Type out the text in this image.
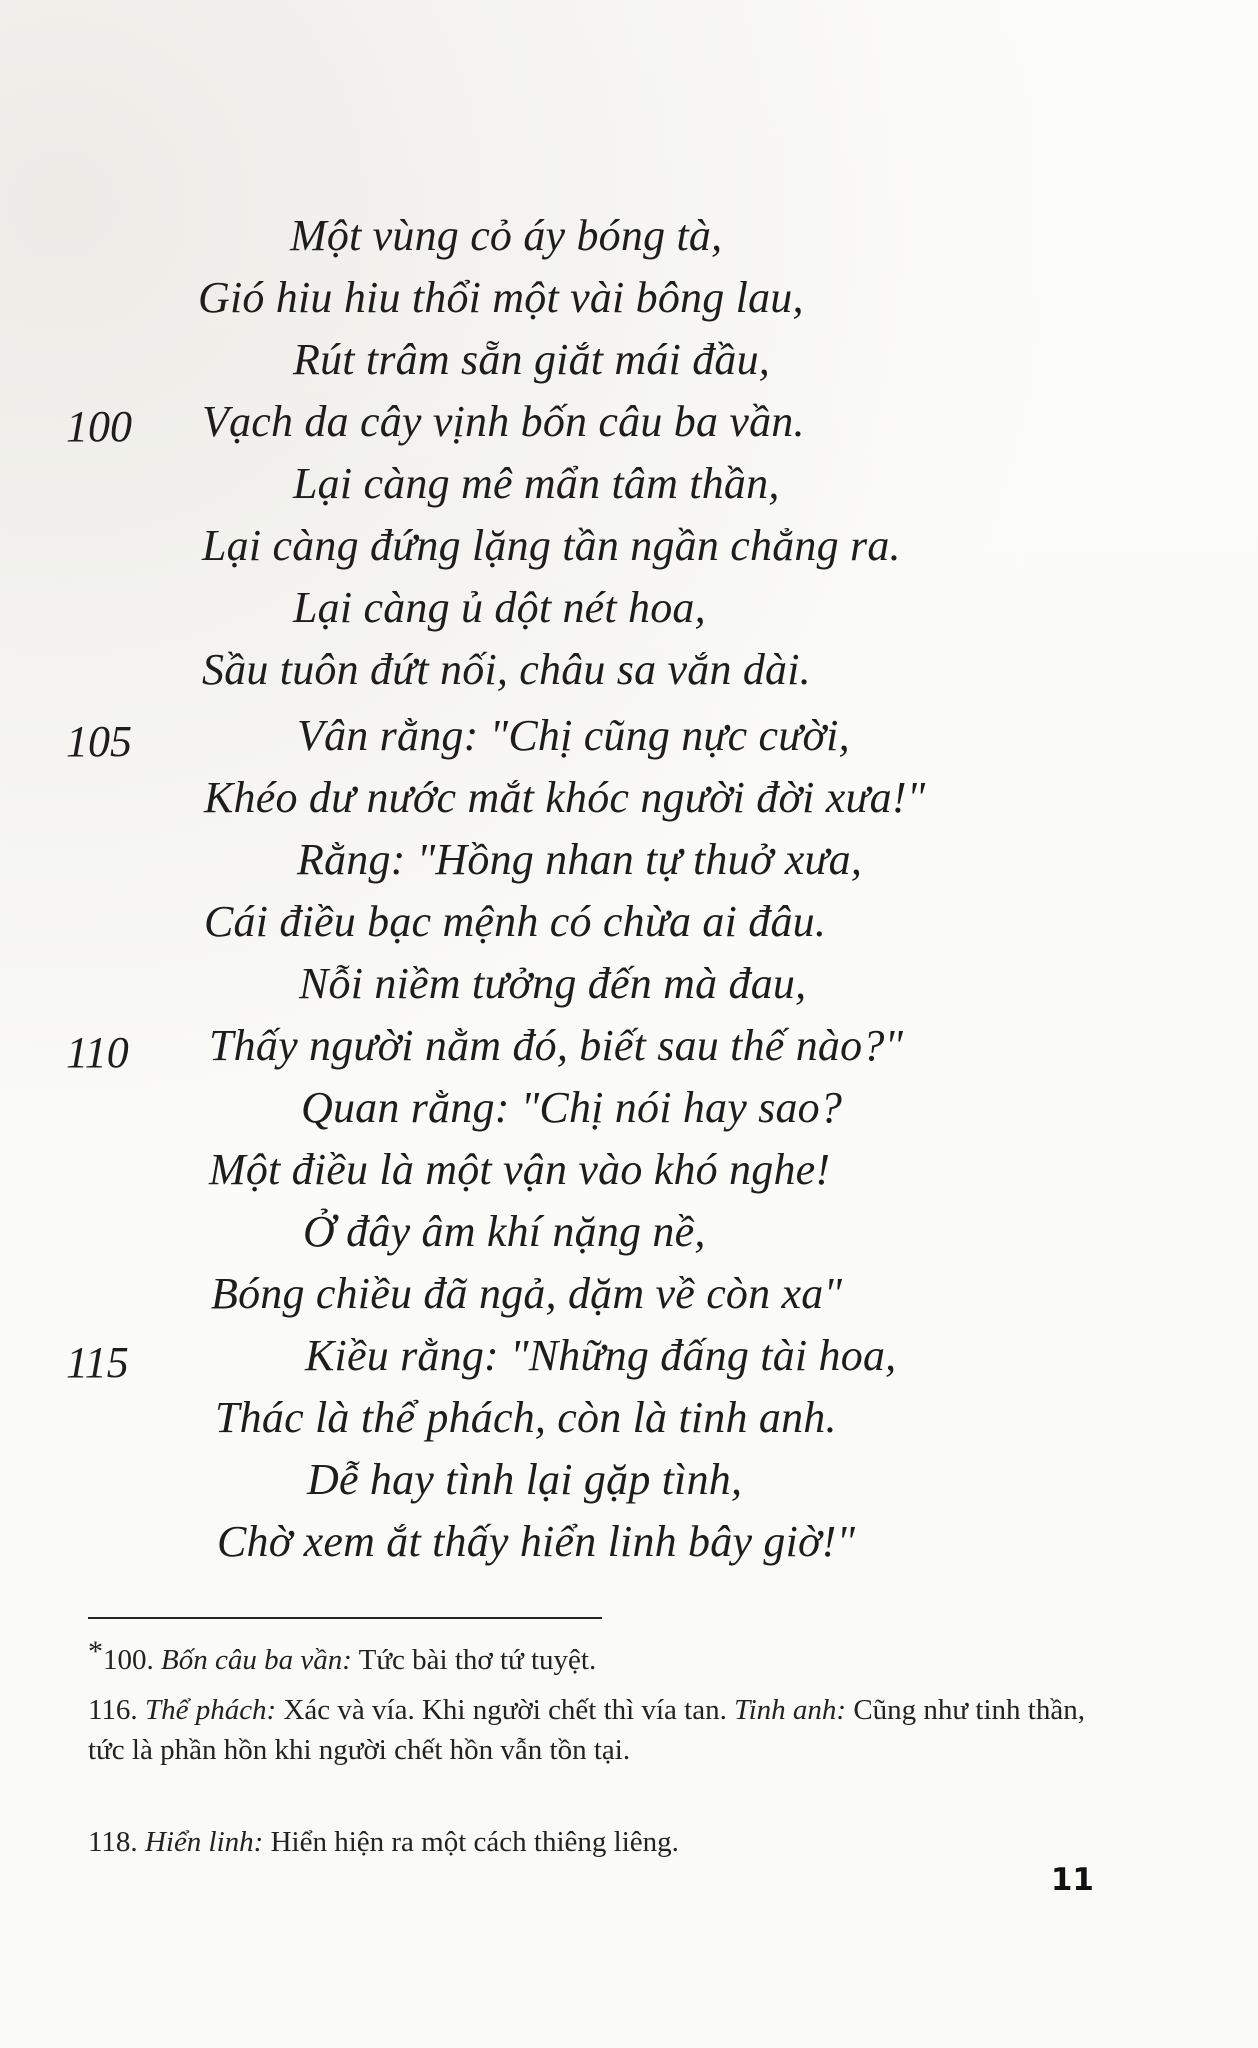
Một vùng cỏ áy bóng tà,
Gió hiu hiu thổi một vài bông lau,
Rút trâm sẵn giắt mái đầu,
100 Vạch da cây vịnh bốn câu ba vần.
Lại càng mê mẩn tâm thần,
Lại càng đứng lặng tần ngần chẳng ra.
Lại càng ủ dột nét hoa,
Sầu tuôn đứt nối, châu sa vắn dài.
105	Vân rằng: "Chị cũng nực cười,
Khéo dư nước mắt khóc người đời xưa!"
Rằng: "Hồng nhan tự thuở xưa,
Cái điều bạc mệnh có chừa ai đâu.
Nỗi niềm tưởng đến mà đau,
110 Thấy người nằm đó, biết sau thế nào?"
Quan rằng: "Chị nói hay sao?
Một điều là một vận vào khó nghe!
Ở đây âm khí nặng nề,
Bóng chiều đã ngả, dặm về còn xa"
115	Kiều rằng: "Những đấng tài hoa,
Thác là thể phách, còn là tinh anh.
Dễ hay tình lại gặp tình,
Chờ xem ắt thấy hiển linh bây giờ!"
*100. Bốn câu ba vần: Tức bài thơ tứ tuyệt.
116. Thể phách: Xác và vía. Khi người chết thì vía tan. Tinh anh: Cũng như tinh thần, tức là phần hồn khi người chết hồn vẫn tồn tại.
118. Hiển linh: Hiển hiện ra một cách thiêng liêng.
11
